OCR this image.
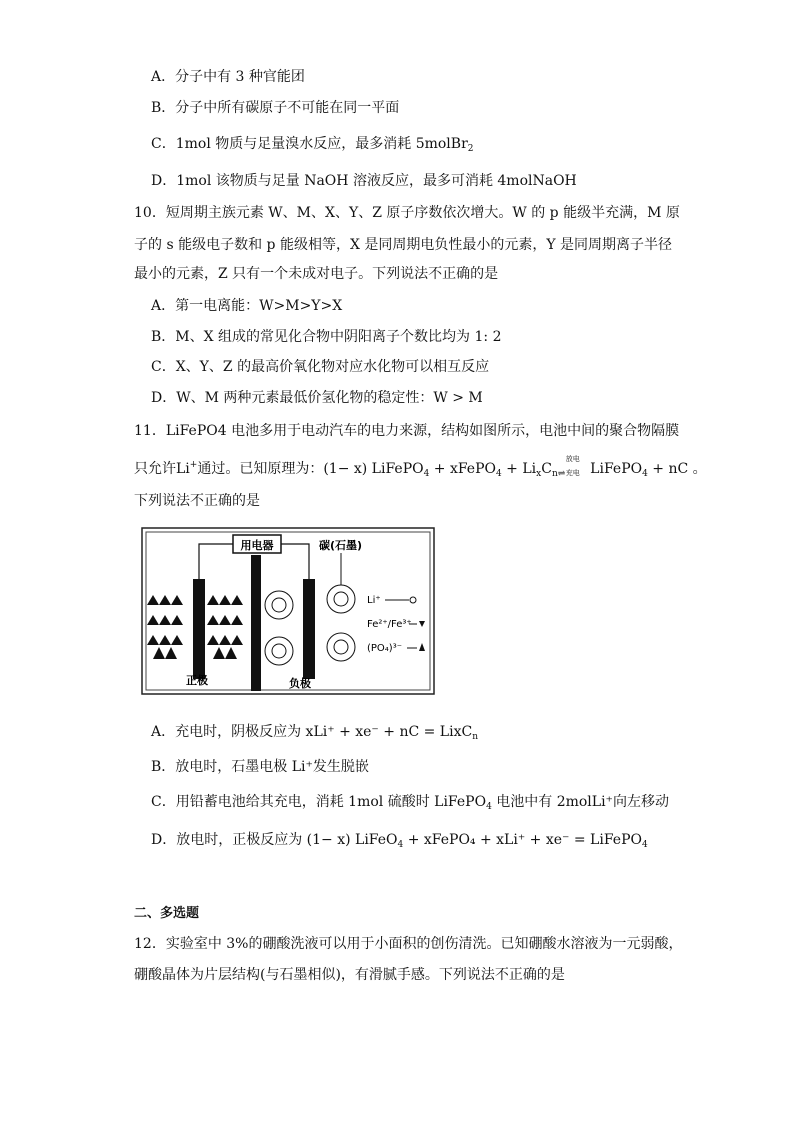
A．分子中有 3 种官能团
B．分子中所有碳原子不可能在同一平面
C．1mol 物质与足量溴水反应，最多消耗 5molBr$_2$
D．1mol 该物质与足量 NaOH 溶液反应，最多可消耗 4molNaOH
10．短周期主族元素 W、M、X、Y、Z 原子序数依次增大。W 的 p 能级半充满，M 原
子的 s 能级电子数和 p 能级相等，X 是同周期电负性最小的元素，Y 是同周期离子半径
最小的元素，Z 只有一个未成对电子。下列说法不正确的是
A．第一电离能：W>M>Y>X
B．M、X 组成的常见化合物中阴阳离子个数比均为 1: 2
C．X、Y、Z 的最高价氧化物对应水化物可以相互反应
D．W、M 两种元素最低价氢化物的稳定性：W > M
11．LiFePO4 电池多用于电动汽车的电力来源，结构如图所示，电池中间的聚合物隔膜
只允许Li+通过。已知原理为：(1− x) LiFePO$_4$ + xFePO$_4$ + $Li_xC_n$
放电
⇌ 充电 LiFePO$_4$ + nC 。
下列说法不正确的是
用电器
正极
碳(石墨)
负极
Li⁺
Fe²⁺/Fe³⁺
(PO₄)³⁻
A．充电时，阴极反应为 xLi⁺ + xe⁻ + nC = LixC$_n$
B．放电时，石墨电极 Li⁺发生脱嵌
C．用铅蓄电池给其充电，消耗 1mol 硫酸时 LiFePO$_4$ 电池中有 2molLi⁺向左移动
D．放电时，正极反应为 (1− x) LiFeO$_4$ + xFePO₄ + xLi⁺ + xe⁻ = LiFePO$_4$
二、多选题
12．实验室中 3%的硼酸洗液可以用于小面积的创伤清洗。已知硼酸水溶液为一元弱酸，
硼酸晶体为片层结构(与石墨相似)，有滑腻手感。下列说法不正确的是
